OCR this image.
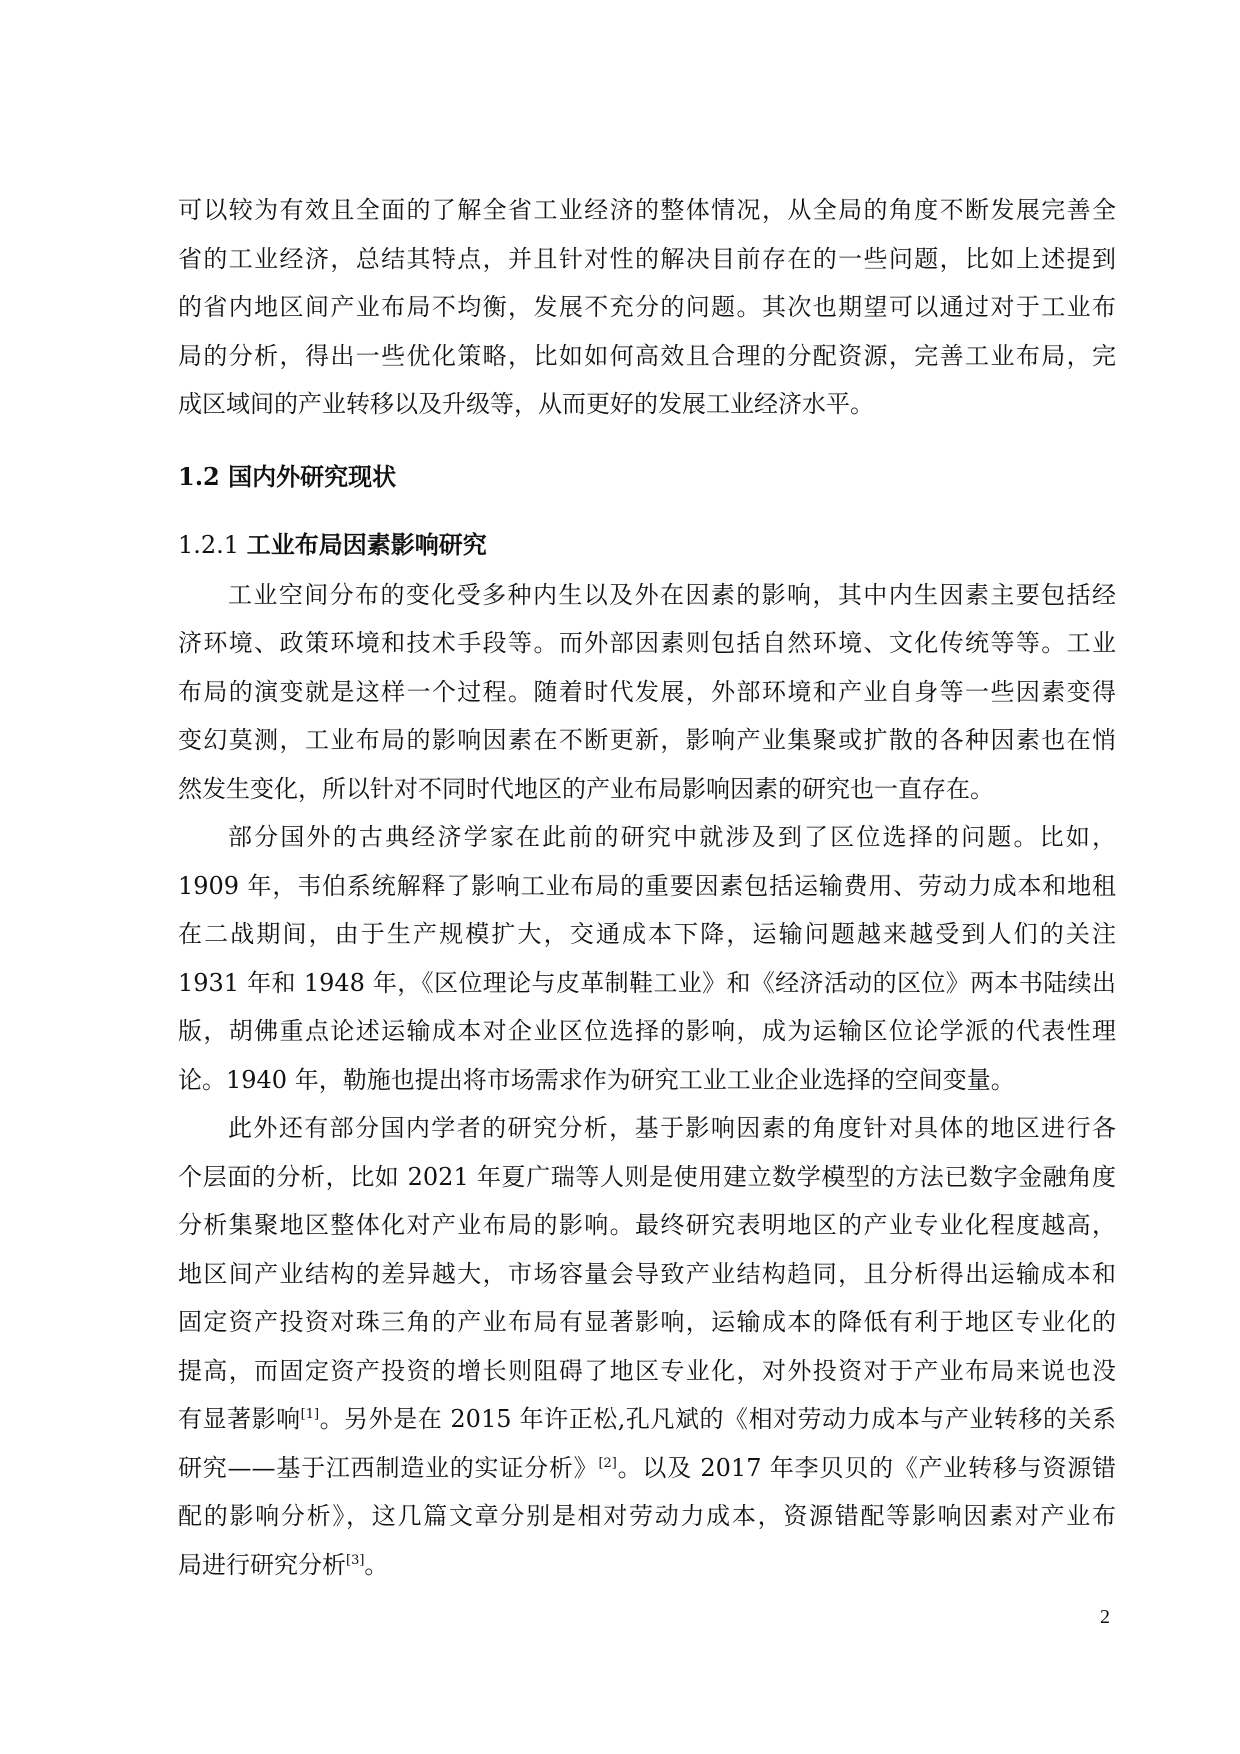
可以较为有效且全面的了解全省工业经济的整体情况，从全局的角度不断发展完善全
省的工业经济，总结其特点，并且针对性的解决目前存在的一些问题，比如上述提到
的省内地区间产业布局不均衡，发展不充分的问题。其次也期望可以通过对于工业布
局的分析，得出一些优化策略，比如如何高效且合理的分配资源，完善工业布局，完
成区域间的产业转移以及升级等，从而更好的发展工业经济水平。
1.2 国内外研究现状
1.2.1 工业布局因素影响研究
工业空间分布的变化受多种内生以及外在因素的影响，其中内生因素主要包括经
济环境、政策环境和技术手段等。而外部因素则包括自然环境、文化传统等等。工业
布局的演变就是这样一个过程。随着时代发展，外部环境和产业自身等一些因素变得
变幻莫测，工业布局的影响因素在不断更新，影响产业集聚或扩散的各种因素也在悄
然发生变化，所以针对不同时代地区的产业布局影响因素的研究也一直存在。
部分国外的古典经济学家在此前的研究中就涉及到了区位选择的问题。比如，
1909 年，韦伯系统解释了影响工业布局的重要因素包括运输费用、劳动力成本和地租
在二战期间，由于生产规模扩大，交通成本下降，运输问题越来越受到人们的关注
1931 年和 1948 年，《区位理论与皮革制鞋工业》和《经济活动的区位》两本书陆续出
版，胡佛重点论述运输成本对企业区位选择的影响，成为运输区位论学派的代表性理
论。1940 年，勒施也提出将市场需求作为研究工业工业企业选择的空间变量。
此外还有部分国内学者的研究分析，基于影响因素的角度针对具体的地区进行各
个层面的分析，比如 2021 年夏广瑞等人则是使用建立数学模型的方法已数字金融角度
分析集聚地区整体化对产业布局的影响。最终研究表明地区的产业专业化程度越高，
地区间产业结构的差异越大，市场容量会导致产业结构趋同，且分析得出运输成本和
固定资产投资对珠三角的产业布局有显著影响，运输成本的降低有利于地区专业化的
提高，而固定资产投资的增长则阻碍了地区专业化，对外投资对于产业布局来说也没
有显著影响[1]。另外是在 2015 年许正松,孔凡斌的《相对劳动力成本与产业转移的关系
研究——基于江西制造业的实证分析》[2]。以及 2017 年李贝贝的《产业转移与资源错
配的影响分析》，这几篇文章分别是相对劳动力成本，资源错配等影响因素对产业布
局进行研究分析[3]。
2
